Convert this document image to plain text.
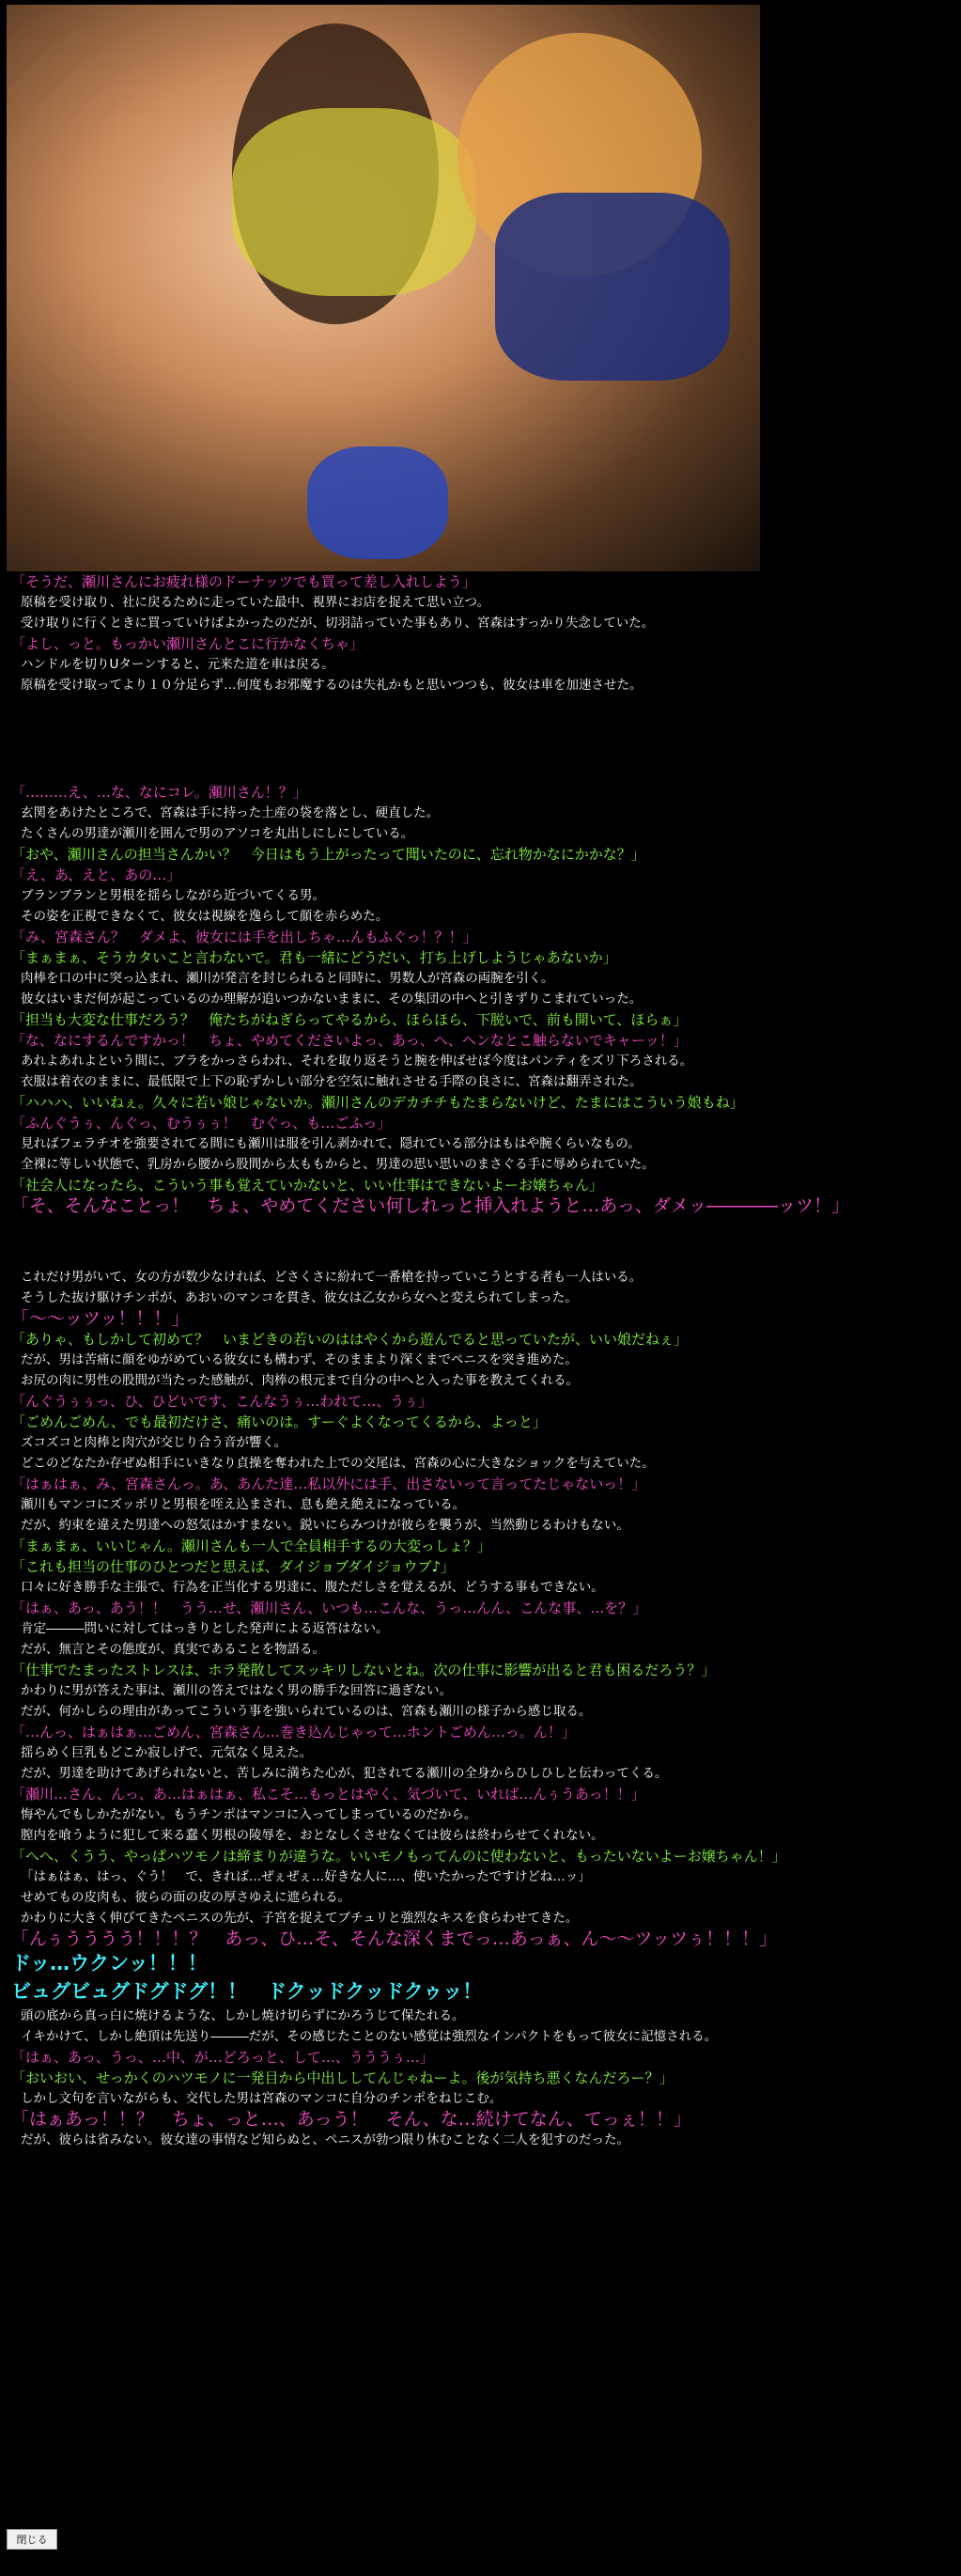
「そうだ、瀬川さんにお疲れ様のドーナッツでも買って差し入れしよう」

原稿を受け取り、社に戻るために走っていた最中、視界にお店を捉えて思い立つ。

受け取りに行くときに買っていけばよかったのだが、切羽詰っていた事もあり、宮森はすっかり失念していた。

「よし、っと。もっかい瀬川さんとこに行かなくちゃ」

ハンドルを切りUターンすると、元来た道を車は戻る。

原稿を受け取ってより１０分足らず…何度もお邪魔するのは失礼かもと思いつつも、彼女は車を加速させた。

「………え、…な、なにコレ。瀬川さん！？」

玄関をあけたところで、宮森は手に持った土産の袋を落とし、硬直した。

たくさんの男達が瀬川を囲んで男のアソコを丸出しにしにしている。

「おや、瀬川さんの担当さんかい？　今日はもう上がったって聞いたのに、忘れ物かなにかかな？」

「え、あ、えと、あの…」

ブランブランと男根を揺らしながら近づいてくる男。

その姿を正視できなくて、彼女は視線を逸らして顔を赤らめた。

「み、宮森さん？　ダメよ、彼女には手を出しちゃ…んもふぐっ！？！」

「まぁまぁ、そうカタいこと言わないで。君も一緒にどうだい、打ち上げしようじゃあないか」

肉棒を口の中に突っ込まれ、瀬川が発言を封じられると同時に、男数人が宮森の両腕を引く。

彼女はいまだ何が起こっているのか理解が追いつかないままに、その集団の中へと引きずりこまれていった。

「担当も大変な仕事だろう？　俺たちがねぎらってやるから、ほらほら、下脱いで、前も開いて、ほらぁ」

「な、なにするんですかっ！　ちょ、やめてくださいよっ、あっ、へ、ヘンなとこ触らないでキャーッ！」

あれよあれよという間に、ブラをかっさらわれ、それを取り返そうと腕を伸ばせば今度はパンティをズリ下ろされる。

衣服は着衣のままに、最低限で上下の恥ずかしい部分を空気に触れさせる手際の良さに、宮森は翻弄された。

「ハハハ、いいねぇ。久々に若い娘じゃないか。瀬川さんのデカチチもたまらないけど、たまにはこういう娘もね」

「ふんぐうぅ、んぐっ、むうぅぅ！　むぐっ、も…ごふっ」

見ればフェラチオを強要されてる間にも瀬川は服を引ん剥かれて、隠れている部分はもはや腕くらいなもの。

全裸に等しい状態で、乳房から腰から股間から太ももからと、男達の思い思いのまさぐる手に辱められていた。

「社会人になったら、こういう事も覚えていかないと、いい仕事はできないよーお嬢ちゃん」

「そ、そんなことっ！　ちょ、やめてください何しれっと挿入れようと…あっ、ダメッ――――ッツ！」

これだけ男がいて、女の方が数少なければ、どさくさに紛れて一番槍を持っていこうとする者も一人はいる。

そうした抜け駆けチンポが、あおいのマンコを貫き、彼女は乙女から女へと変えられてしまった。

「～～ッツッ！！！」

「ありゃ、もしかして初めて？　いまどきの若いのははやくから遊んでると思っていたが、いい娘だねぇ」

だが、男は苦痛に顔をゆがめている彼女にも構わず、そのままより深くまでペニスを突き進めた。

お尻の肉に男性の股間が当たった感触が、肉棒の根元まで自分の中へと入った事を教えてくれる。

「んぐうぅぅっ、ひ、ひどいです、こんなうぅ…われて…、うぅ」

「ごめんごめん、でも最初だけさ、痛いのは。すーぐよくなってくるから、よっと」

ズコズコと肉棒と肉穴が交じり合う音が響く。

どこのどなたか存ぜぬ相手にいきなり貞操を奪われた上での交尾は、宮森の心に大きなショックを与えていた。

「はぁはぁ、み、宮森さんっ。あ、あんた達…私以外には手、出さないって言ってたじゃないっ！」

瀬川もマンコにズッポリと男根を咥え込まされ、息も絶え絶えになっている。

だが、約束を違えた男達への怒気はかすまない。鋭いにらみつけが彼らを襲うが、当然動じるわけもない。

「まぁまぁ、いいじゃん。瀬川さんも一人で全員相手するの大変っしょ？」

「これも担当の仕事のひとつだと思えば、ダイジョブダイジョウブ♪」

口々に好き勝手な主張で、行為を正当化する男達に、腹ただしさを覚えるが、どうする事もできない。

「はぁ、あっ、あう！！　うう…せ、瀬川さん、いつも…こんな、うっ…んん、こんな事、…を？」

肯定―――問いに対してはっきりとした発声による返答はない。

だが、無言とその態度が、真実であることを物語る。

「仕事でたまったストレスは、ホラ発散してスッキリしないとね。次の仕事に影響が出ると君も困るだろう？」

かわりに男が答えた事は、瀬川の答えではなく男の勝手な回答に過ぎない。

だが、何かしらの理由があってこういう事を強いられているのは、宮森も瀬川の様子から感じ取る。

「…んっ、はぁはぁ…ごめん、宮森さん…巻き込んじゃって…ホントごめん…っ。ん！」

揺らめく巨乳もどこか寂しげで、元気なく見えた。

だが、男達を助けてあげられないと、苦しみに満ちた心が、犯されてる瀬川の全身からひしひしと伝わってくる。

「瀬川…さん、んっ、あ…はぁはぁ、私こそ…もっとはやく、気づいて、いれば…んぅうあっ！！」

悔やんでもしかたがない。もうチンポはマンコに入ってしまっているのだから。

膣内を喰うように犯して来る蠢く男根の陵辱を、おとなしくさせなくては彼らは終わらせてくれない。

「へへ、くうう、やっぱハツモノは締まりが違うな。いいモノもってんのに使わないと、もったいないよーお嬢ちゃん！」

「はぁはぁ、はっ、ぐう！　で、きれば…ぜぇぜぇ…好きな人に…、使いたかったですけどね…ッ」

せめてもの皮肉も、彼らの面の皮の厚さゆえに遮られる。

かわりに大きく伸びてきたペニスの先が、子宮を捉えてブチュリと強烈なキスを食らわせてきた。

「んぅうううう！！！？　あっ、ひ…そ、そんな深くまでっ…あっぁ、ん～～ツッツぅ！！！」

ドッ…ウクンッ！！！

ビュグビュグドグドグ！！　ドクッドクッドクゥッ！

頭の底から真っ白に焼けるような、しかし焼け切らずにかろうじて保たれる。

イキかけて、しかし絶頂は先送り―――だが、その感じたことのない感覚は強烈なインパクトをもって彼女に記憶される。

「はぁ、あっ、うっ、…中、が…どろっと、して…、うううぅ…」

「おいおい、せっかくのハツモノに一発目から中出ししてんじゃねーよ。後が気持ち悪くなんだろー？」

しかし文句を言いながらも、交代した男は宮森のマンコに自分のチンポをねじこむ。

「はぁあっ！！？　ちょ、っと…、あっう！　そん、な…続けてなん、てっぇ！！」

だが、彼らは省みない。彼女達の事情など知らぬと、ペニスが勃つ限り休むことなく二人を犯すのだった。

閉じる
